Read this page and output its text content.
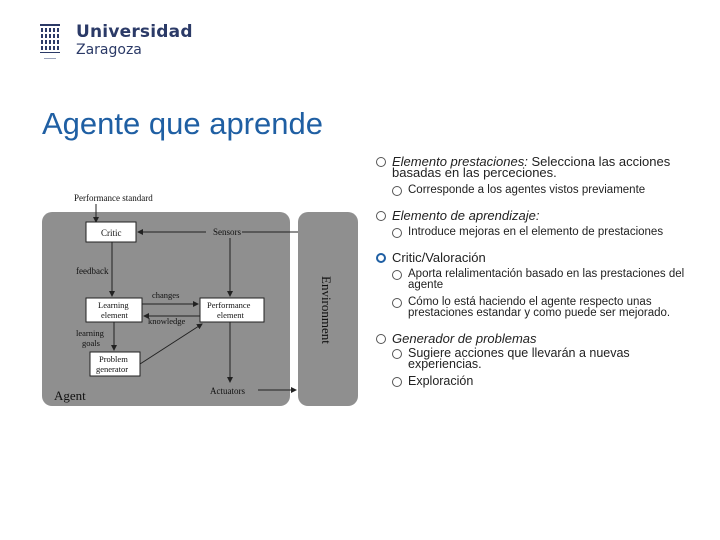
Universidad
Zaragoza
Agente que aprende
Environment
Performance standard
Critic	Sensors
feedback
Learning
element
Performance
element
changes
knowledge
learning
goals
Problem
generator
Actuators
Agent
Elemento prestaciones: Selecciona las acciones basadas en las perceciones.
Corresponde a los agentes vistos previamente
Elemento de aprendizaje:
Introduce mejoras en el elemento de prestaciones
Critic/Valoración
Aporta relalimentación basado en las prestaciones del agente
Cómo lo está haciendo el agente respecto unas prestaciones estandar y como puede ser mejorado.
Generador de problemas
Sugiere acciones que llevarán a nuevas experiencias.
Exploración
